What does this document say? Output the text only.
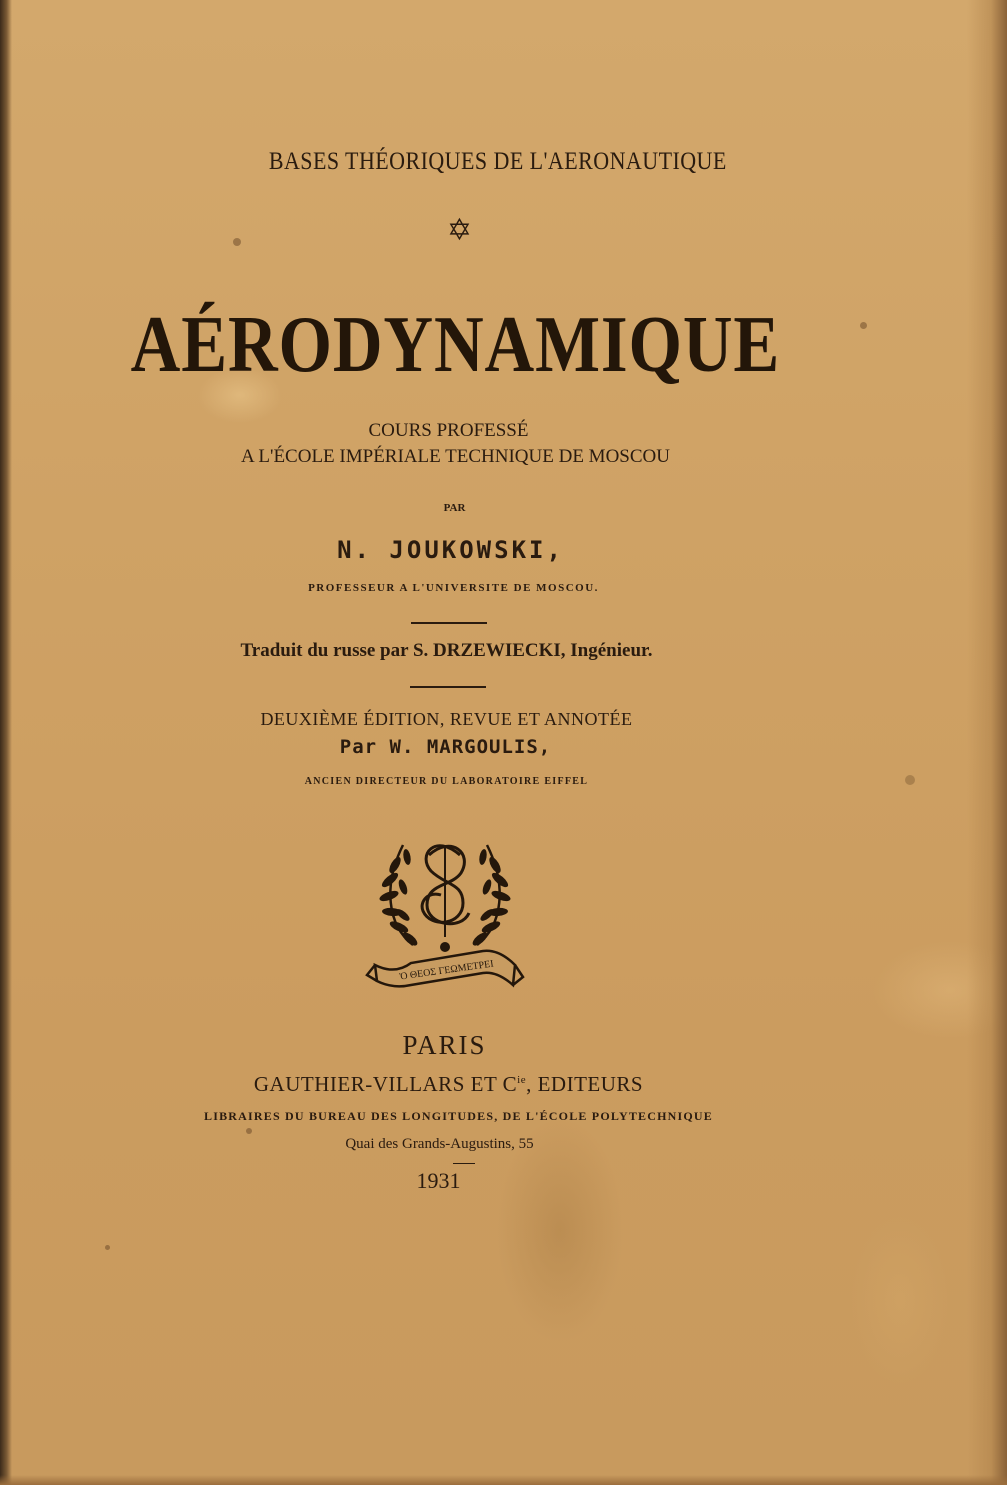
BASES THÉORIQUES DE L'AERONAUTIQUE
✡
AÉRODYNAMIQUE
COURS PROFESSÉ
A L'ÉCOLE IMPÉRIALE TECHNIQUE DE MOSCOU
PAR
N. JOUKOWSKI,
PROFESSEUR A L'UNIVERSITE DE MOSCOU.
Traduit du russe par S. DRZEWIECKI, Ingénieur.
DEUXIÈME ÉDITION, REVUE ET ANNOTÉE
Par W. MARGOULIS,
ANCIEN DIRECTEUR DU LABORATOIRE EIFFEL
Ὁ ΘΕΟΣ ΓΕΩΜΕΤΡΕΙ
PARIS
GAUTHIER-VILLARS ET $C^{ie}$, EDITEURS
LIBRAIRES DU BUREAU DES LONGITUDES, DE L'ÉCOLE POLYTECHNIQUE
Quai des Grands-Augustins, 55
1931
